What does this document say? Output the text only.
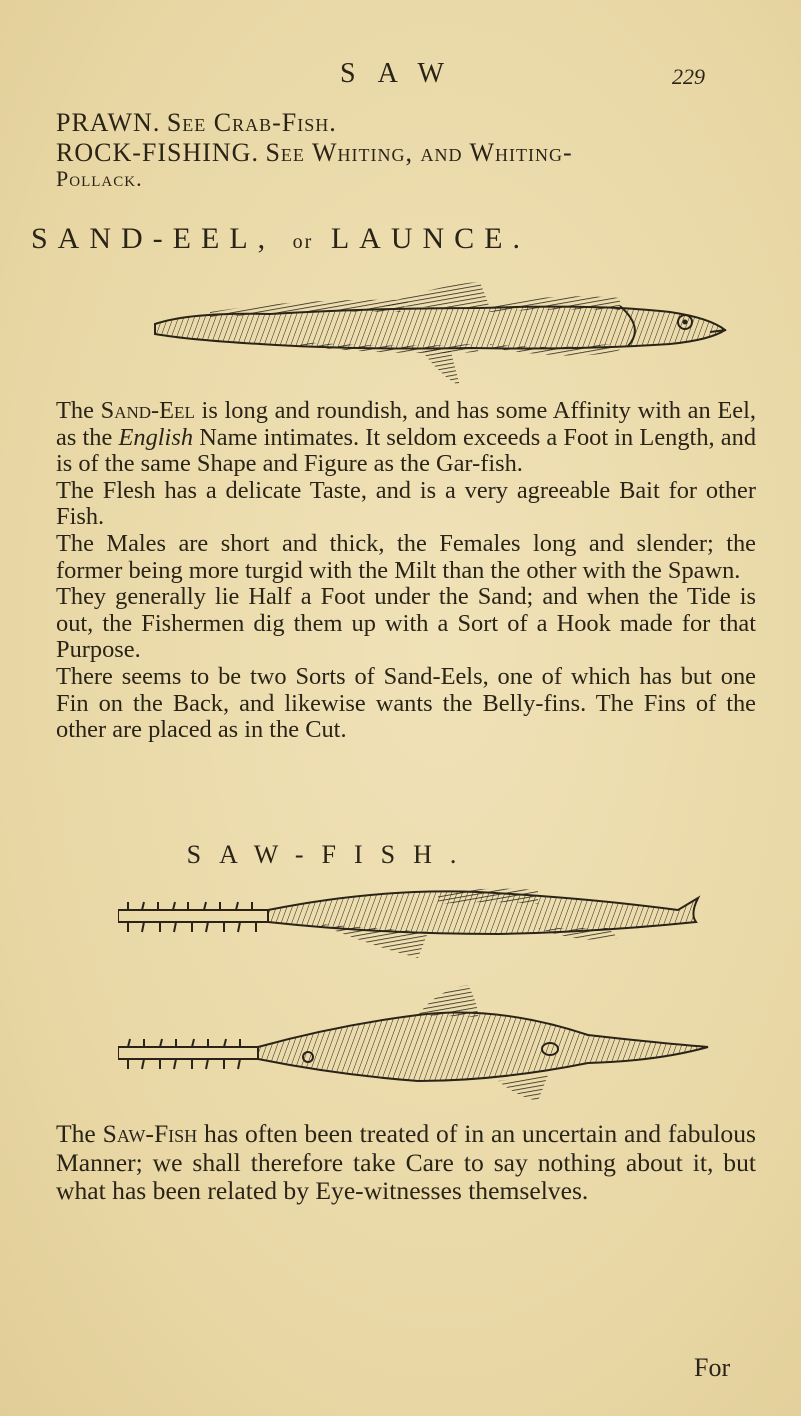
SAW	229
PRAWN. See Crab-Fish.
ROCK-FISHING. See Whiting, and Whiting-
Pollack.
SAND-EEL, or LAUNCE.

The Sand-Eel is long and roundish, and has some Affinity with an Eel, as the English Name intimates. It seldom exceeds a Foot in Length, and is of the same Shape and Figure as the Gar-fish.

The Flesh has a delicate Taste, and is a very agreeable Bait for other Fish.

The Males are short and thick, the Females long and slender; the former being more turgid with the Milt than the other with the Spawn.

They generally lie Half a Foot under the Sand; and when the Tide is out, the Fishermen dig them up with a Sort of a Hook made for that Purpose.

There seems to be two Sorts of Sand-Eels, one of which has but one Fin on the Back, and likewise wants the Belly-fins. The Fins of the other are placed as in the Cut.

SAW-FISH.

The Saw-Fish has often been treated of in an uncertain and fabulous Manner; we shall therefore take Care to say nothing about it, but what has been related by Eye-witnesses themselves.

For
